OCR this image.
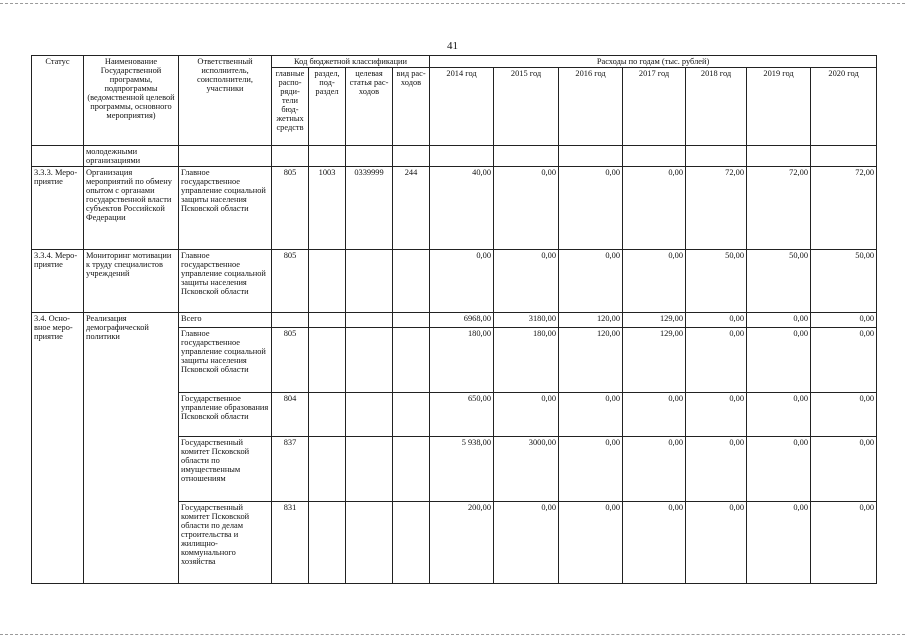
41
Статус	Наименование Государственной программы, подпрограммы (ведомственной целевой программы, основного мероприятия)	Ответственный исполнитель, соисполнители, участники	Код бюджетной классификации				Расходы по годам (тыс. рублей)						
			главные распо-ряди-тели бюд-жетных средств	раздел, под-раздел	целевая статья рас-ходов	вид рас-ходов	2014 год	2015 год	2016 год	2017 год	2018 год	2019 год	2020 год
	молодежными организациями												
3.3.3. Меро-приятие	Организация мероприятий по обмену опытом с органами государственной власти субъектов Российской Федерации	Главное государственное управление социальной защиты населения Псковской области	805	1003	0339999	244	40,00	0,00	0,00	0,00	72,00	72,00	72,00
3.3.4. Меро-приятие	Мониторинг мотивации к труду специалистов учреждений	Главное государственное управление социальной защиты населения Псковской области	805				0,00	0,00	0,00	0,00	50,00	50,00	50,00
3.4. Осно-вное меро-приятие	Реализация демографической политики	Всего					6968,00	3180,00	120,00	129,00	0,00	0,00	0,00
		Главное государственное управление социальной защиты населения Псковской области	805				180,00	180,00	120,00	129,00	0,00	0,00	0,00
		Государственное управление образования Псковской области	804				650,00	0,00	0,00	0,00	0,00	0,00	0,00
		Государственный комитет Псковской области по имущественным отношениям	837				5 938,00	3000,00	0,00	0,00	0,00	0,00	0,00
		Государственный комитет Псковской области по делам строительства и жилищно-коммунального хозяйства	831				200,00	0,00	0,00	0,00	0,00	0,00	0,00
